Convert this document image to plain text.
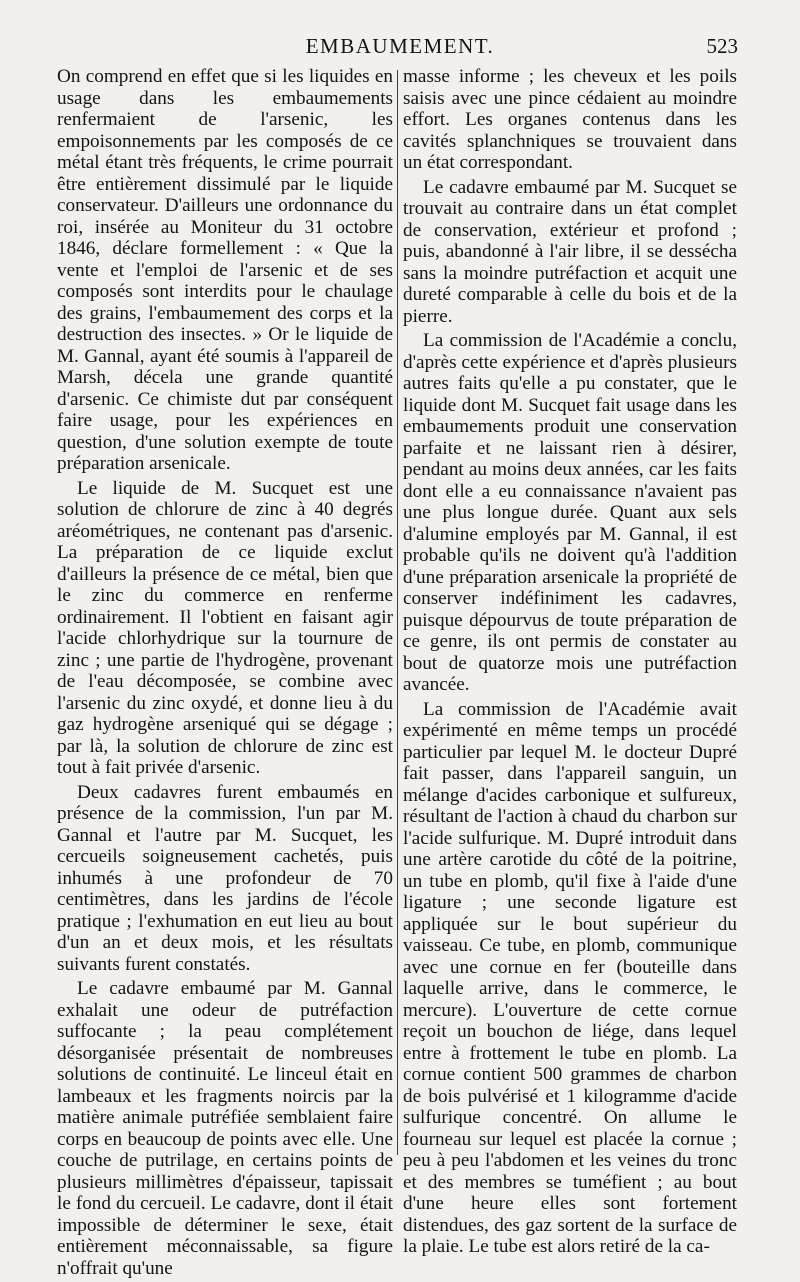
EMBAUMEMENT.	523

On comprend en effet que si les liquides en usage dans les embaumements renfermaient de l'arsenic, les empoisonnements par les composés de ce métal étant très fréquents, le crime pourrait être entièrement dissimulé par le liquide conservateur. D'ailleurs une ordonnance du roi, insérée au Moniteur du 31 octobre 1846, déclare formellement : « Que la vente et l'emploi de l'arsenic et de ses composés sont interdits pour le chaulage des grains, l'embaumement des corps et la destruction des insectes. » Or le liquide de M. Gannal, ayant été soumis à l'appareil de Marsh, décela une grande quantité d'arsenic. Ce chimiste dut par conséquent faire usage, pour les expériences en question, d'une solution exempte de toute préparation arsenicale.

Le liquide de M. Sucquet est une solution de chlorure de zinc à 40 degrés aréométriques, ne contenant pas d'arsenic. La préparation de ce liquide exclut d'ailleurs la présence de ce métal, bien que le zinc du commerce en renferme ordinairement. Il l'obtient en faisant agir l'acide chlorhydrique sur la tournure de zinc ; une partie de l'hydrogène, provenant de l'eau décomposée, se combine avec l'arsenic du zinc oxydé, et donne lieu à du gaz hydrogène arseniqué qui se dégage ; par là, la solution de chlorure de zinc est tout à fait privée d'arsenic.

Deux cadavres furent embaumés en présence de la commission, l'un par M. Gannal et l'autre par M. Sucquet, les cercueils soigneusement cachetés, puis inhumés à une profondeur de 70 centimètres, dans les jardins de l'école pratique ; l'exhumation en eut lieu au bout d'un an et deux mois, et les résultats suivants furent constatés.

Le cadavre embaumé par M. Gannal exhalait une odeur de putréfaction suffocante ; la peau complétement désorganisée présentait de nombreuses solutions de continuité. Le linceul était en lambeaux et les fragments noircis par la matière animale putréfiée semblaient faire corps en beaucoup de points avec elle. Une couche de putrilage, en certains points de plusieurs millimètres d'épaisseur, tapissait le fond du cercueil. Le cadavre, dont il était impossible de déterminer le sexe, était entièrement méconnaissable, sa figure n'offrait qu'une

masse informe ; les cheveux et les poils saisis avec une pince cédaient au moindre effort. Les organes contenus dans les cavités splanchniques se trouvaient dans un état correspondant.

Le cadavre embaumé par M. Sucquet se trouvait au contraire dans un état complet de conservation, extérieur et profond ; puis, abandonné à l'air libre, il se dessécha sans la moindre putréfaction et acquit une dureté comparable à celle du bois et de la pierre.

La commission de l'Académie a conclu, d'après cette expérience et d'après plusieurs autres faits qu'elle a pu constater, que le liquide dont M. Sucquet fait usage dans les embaumements produit une conservation parfaite et ne laissant rien à désirer, pendant au moins deux années, car les faits dont elle a eu connaissance n'avaient pas une plus longue durée. Quant aux sels d'alumine employés par M. Gannal, il est probable qu'ils ne doivent qu'à l'addition d'une préparation arsenicale la propriété de conserver indéfiniment les cadavres, puisque dépourvus de toute préparation de ce genre, ils ont permis de constater au bout de quatorze mois une putréfaction avancée.

La commission de l'Académie avait expérimenté en même temps un procédé particulier par lequel M. le docteur Dupré fait passer, dans l'appareil sanguin, un mélange d'acides carbonique et sulfureux, résultant de l'action à chaud du charbon sur l'acide sulfurique. M. Dupré introduit dans une artère carotide du côté de la poitrine, un tube en plomb, qu'il fixe à l'aide d'une ligature ; une seconde ligature est appliquée sur le bout supérieur du vaisseau. Ce tube, en plomb, communique avec une cornue en fer (bouteille dans laquelle arrive, dans le commerce, le mercure). L'ouverture de cette cornue reçoit un bouchon de liége, dans lequel entre à frottement le tube en plomb. La cornue contient 500 grammes de charbon de bois pulvérisé et 1 kilogramme d'acide sulfurique concentré. On allume le fourneau sur lequel est placée la cornue ; peu à peu l'abdomen et les veines du tronc et des membres se tuméfient ; au bout d'une heure elles sont fortement distendues, des gaz sortent de la surface de la plaie. Le tube est alors retiré de la ca-
